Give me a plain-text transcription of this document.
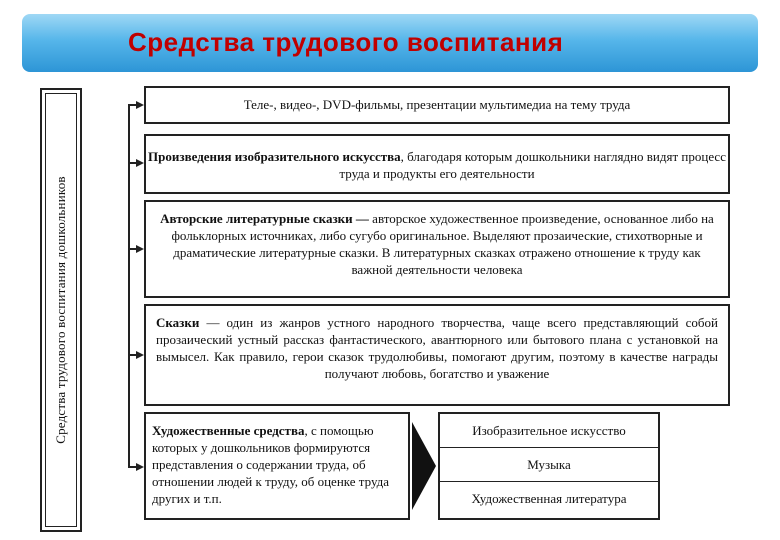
Средства трудового воспитания
Средства трудового воспитания дошкольников

Теле-, видео-, DVD-фильмы, презентации мультимедиа на тему труда

Произведения изобразительного искусства, благодаря которым дошкольники наглядно видят процесс труда и продукты его деятельности

Авторские литературные сказки — авторское художественное произведение, основанное либо на фольклорных источниках, либо сугубо оригинальное. Выделяют прозаические, стихотворные и драматические литературные сказки. В литературных сказках отражено отношение к труду как важной деятельности человека

Сказки — один из жанров устного народного творчества, чаще всего представляющий собой прозаический устный рассказ фантастического, авантюрного или бытового плана с установкой на вымысел. Как правило, герои сказок трудолюбивы, помогают другим, поэтому в качестве награды получают любовь, богатство и уважение

Художественные средства, с помощью которых у дошкольников формируются представления о содержании труда, об отношении людей к труду, об оценке труда других и т.п.

Изобразительное искусство
Музыка
Художественная литература
